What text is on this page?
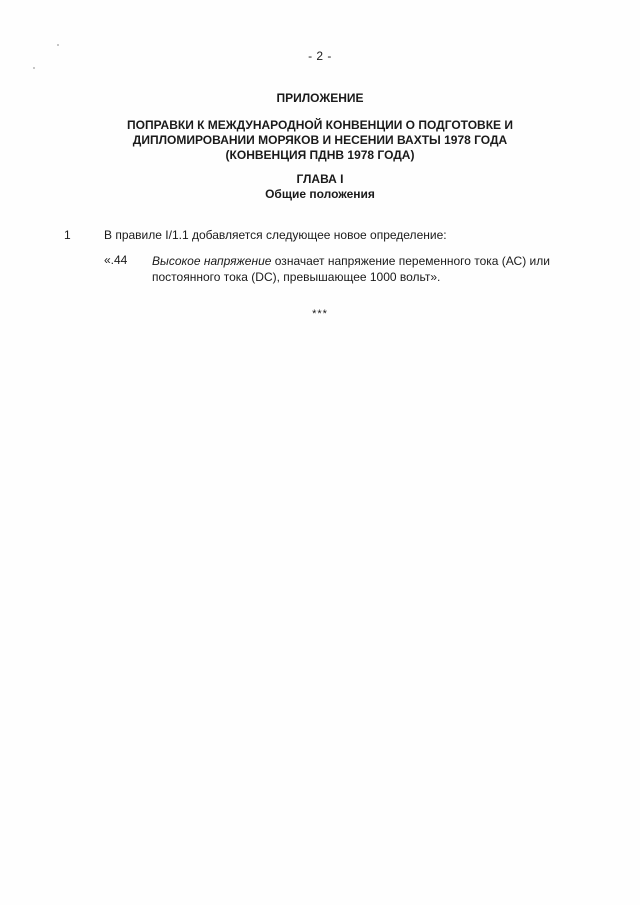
- 2 -
ПРИЛОЖЕНИЕ
ПОПРАВКИ К МЕЖДУНАРОДНОЙ КОНВЕНЦИИ О ПОДГОТОВКЕ И
ДИПЛОМИРОВАНИИ МОРЯКОВ И НЕСЕНИИ ВАХТЫ 1978 ГОДА
(КОНВЕНЦИЯ ПДНВ 1978 ГОДА)
ГЛАВА I
Общие положения
1	В правиле I/1.1 добавляется следующее новое определение:
«.44 Высокое напряжение означает напряжение переменного тока (АС) или
постоянного тока (DC), превышающее 1000 вольт».
***
